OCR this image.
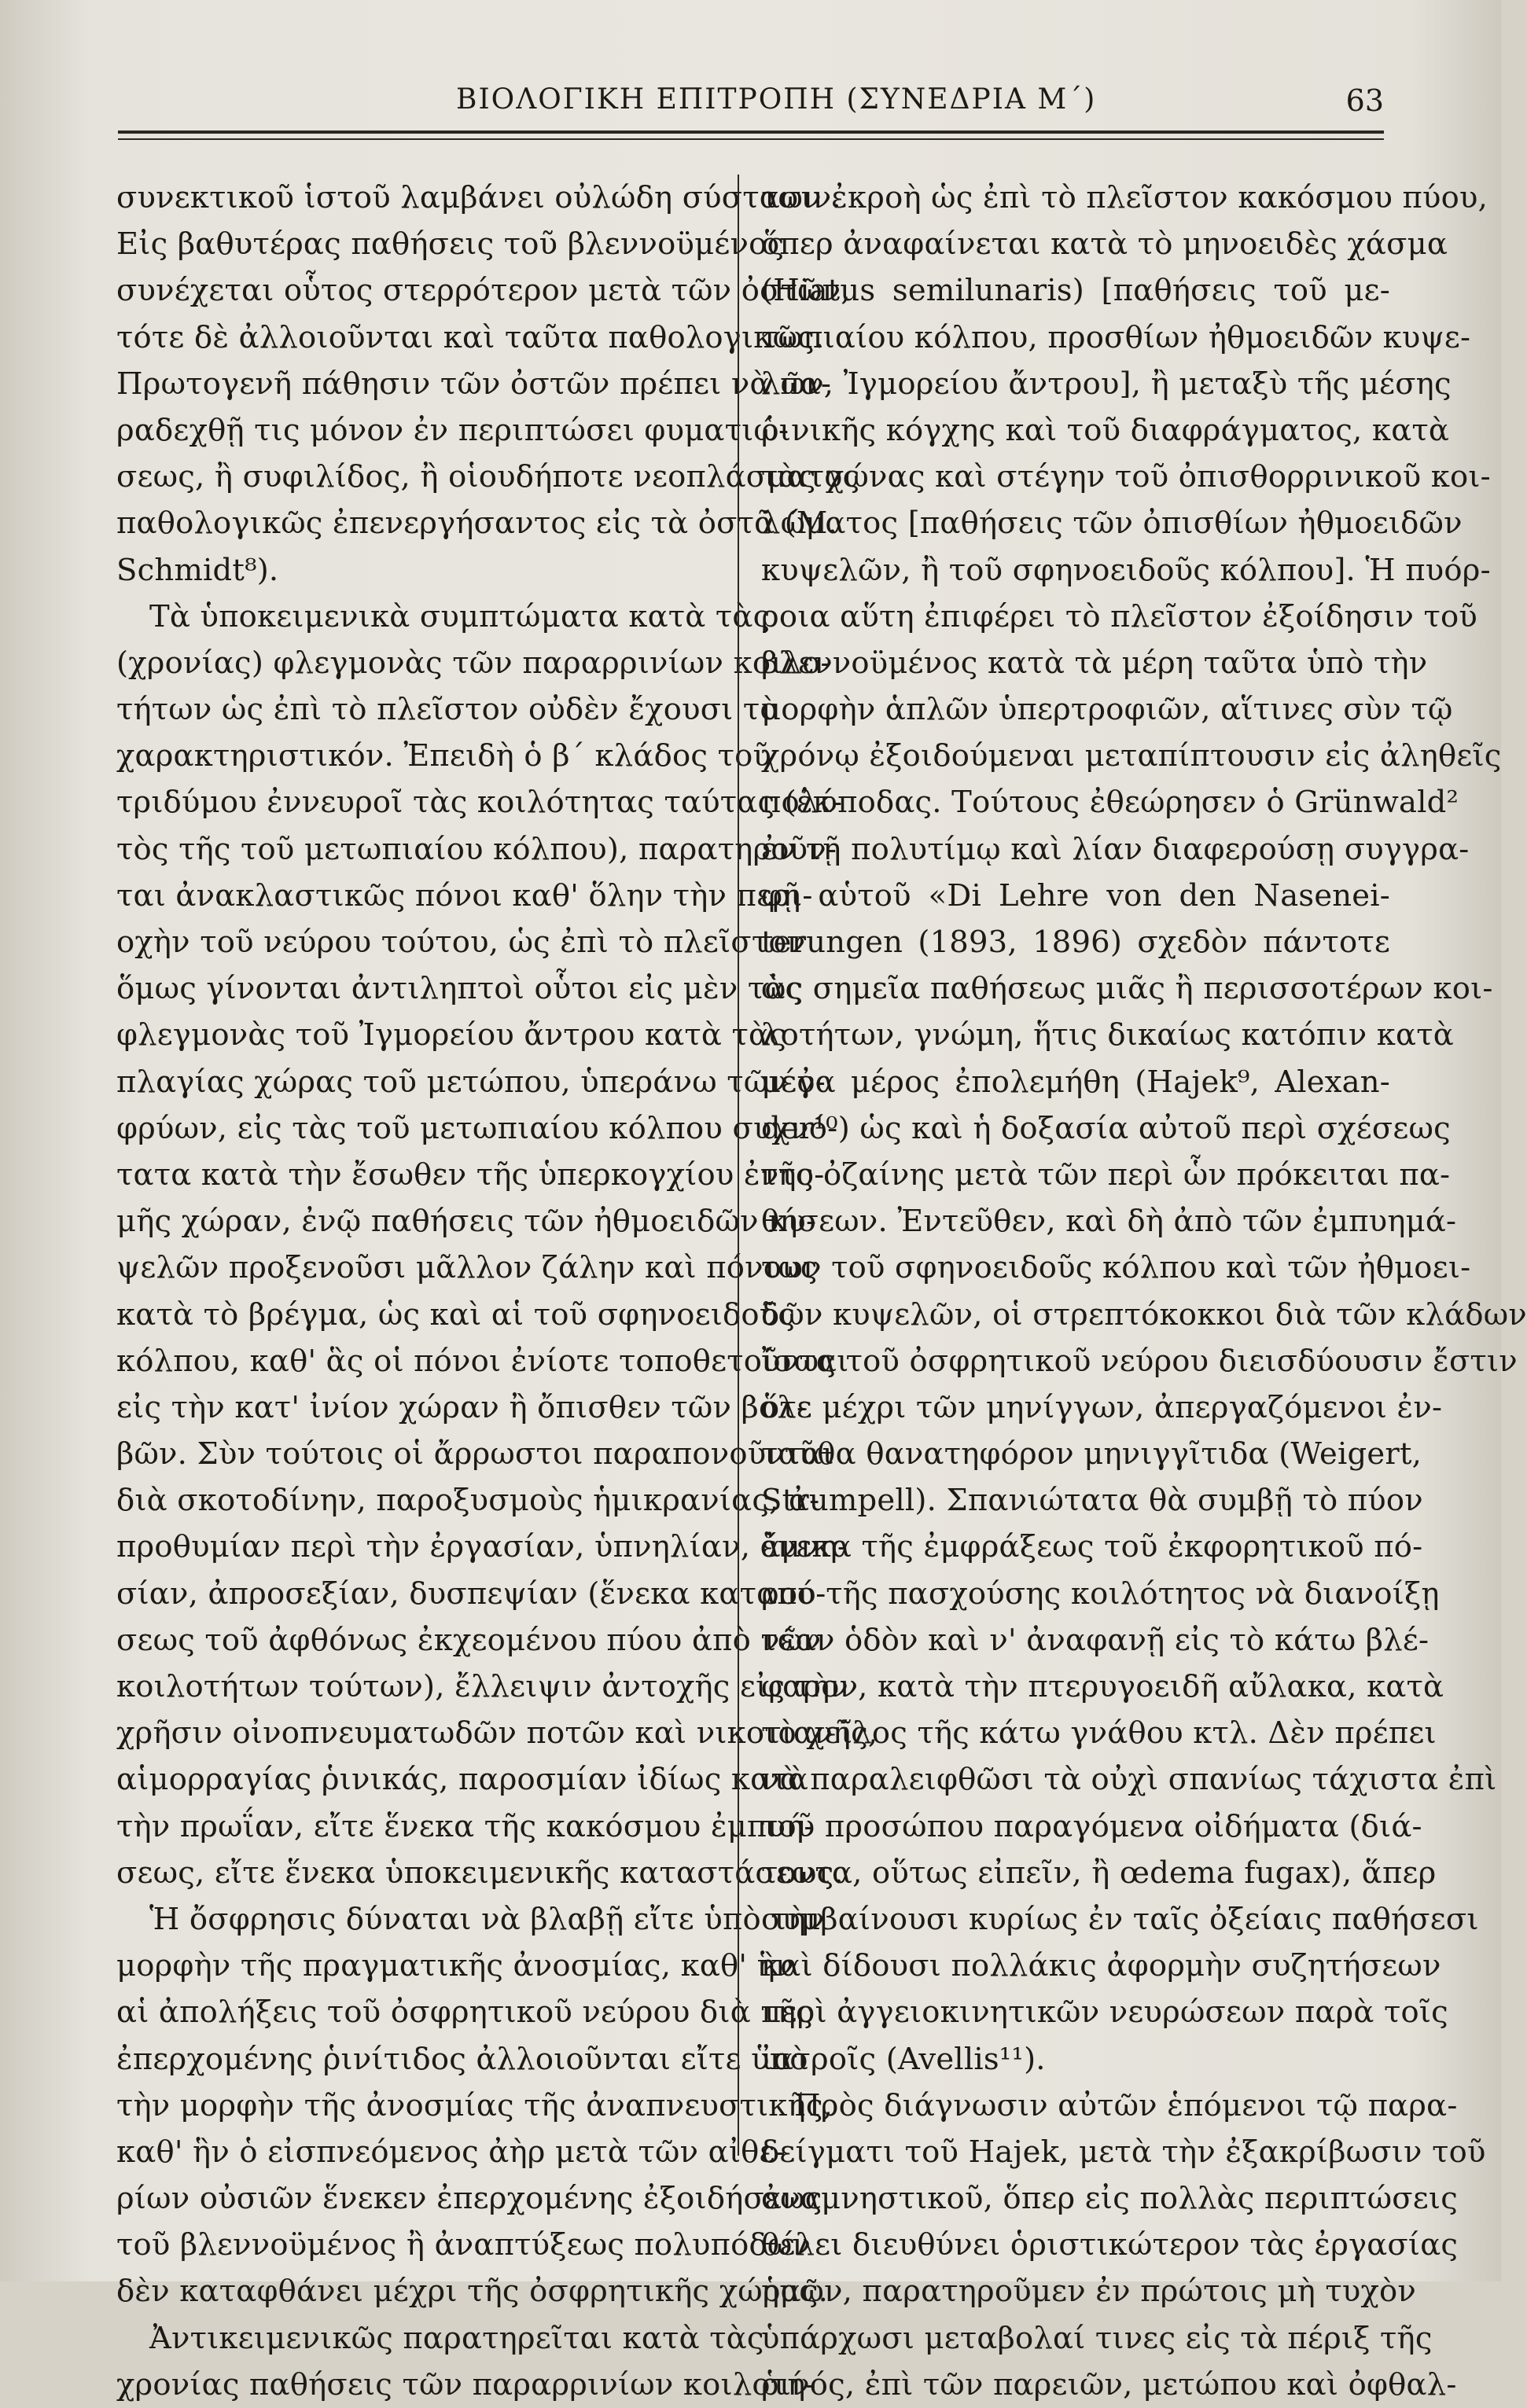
ΒΙΟΛΟΓΙΚΗ ΕΠΙΤΡΟΠΗ (ΣΥΝΕΔΡΙΑ Μ΄)	63
συνεκτικοῦ ἱστοῦ λαμβάνει οὐλώδη σύστασιν.
Εἰς βαθυτέρας παθήσεις τοῦ βλεννοϋμένος
συνέχεται οὗτος στερρότερον μετὰ τῶν ὀστῶν,
τότε δὲ ἀλλοιοῦνται καὶ ταῦτα παθολογικῶς.
Πρωτογενῆ πάθησιν τῶν ὀστῶν πρέπει νὰ πα-
ραδεχθῇ τις μόνον ἐν περιπτώσει φυματιώ-
σεως, ἢ συφιλίδος, ἢ οἱουδήποτε νεοπλάσματος
παθολογικῶς ἐπενεργήσαντος εἰς τὰ ὀστᾶ (M.
Schmidt⁸).
Τὰ ὑποκειμενικὰ συμπτώματα κατὰ τὰς
(χρονίας) φλεγμονὰς τῶν παραρρινίων κοιλο-
τήτων ὡς ἐπὶ τὸ πλεῖστον οὐδὲν ἔχουσι τὸ
χαρακτηριστικόν. Ἐπειδὴ ὁ β΄ κλάδος τοῦ
τριδύμου ἐννευροῖ τὰς κοιλότητας ταύτας (ἐκ-
τὸς τῆς τοῦ μετωπιαίου κόλπου), παρατηροῦν-
ται ἀνακλαστικῶς πόνοι καθ' ὅλην τὴν περι-
οχὴν τοῦ νεύρου τούτου, ὡς ἐπὶ τὸ πλεῖστον
ὅμως γίνονται ἀντιληπτοὶ οὗτοι εἰς μὲν τὰς
φλεγμονὰς τοῦ Ἰγμορείου ἄντρου κατὰ τὰς
πλαγίας χώρας τοῦ μετώπου, ὑπεράνω τῶν ὀ-
φρύων, εἰς τὰς τοῦ μετωπιαίου κόλπου συχνό-
τατα κατὰ τὴν ἔσωθεν τῆς ὑπερκογχίου ἐντο-
μῆς χώραν, ἐνῷ παθήσεις τῶν ἠθμοειδῶν κυ-
ψελῶν προξενοῦσι μᾶλλον ζάλην καὶ πόνους
κατὰ τὸ βρέγμα, ὡς καὶ αἱ τοῦ σφηνοειδοῦς
κόλπου, καθ' ἃς οἱ πόνοι ἐνίοτε τοποθετοῦνται
εἰς τὴν κατ' ἰνίον χώραν ἢ ὄπισθεν τῶν βολ-
βῶν. Σὺν τούτοις οἱ ἄρρωστοι παραπονοῦνται
διὰ σκοτοδίνην, παροξυσμοὺς ἡμικρανίας, ἀ-
προθυμίαν περὶ τὴν ἐργασίαν, ὑπνηλίαν, ἀμνη-
σίαν, ἀπροσεξίαν, δυσπεψίαν (ἕνεκα καταπό-
σεως τοῦ ἀφθόνως ἐκχεομένου πύου ἀπὸ τῶν
κοιλοτήτων τούτων), ἔλλειψιν ἀντοχῆς εἰς τὴν
χρῆσιν οἰνοπνευματωδῶν ποτῶν καὶ νικοτιανῆς,
αἱμορραγίας ῥινικάς, παροσμίαν ἰδίως κατὰ
τὴν πρωΐαν, εἴτε ἕνεκα τῆς κακόσμου ἐμπυή-
σεως, εἴτε ἕνεκα ὑποκειμενικῆς καταστάσεως.
Ἡ ὄσφρησις δύναται νὰ βλαβῇ εἴτε ὑπὸ τὴν
μορφὴν τῆς πραγματικῆς ἀνοσμίας, καθ' ἣν
αἱ ἀπολήξεις τοῦ ὀσφρητικοῦ νεύρου διὰ τῆς
ἐπερχομένης ῥινίτιδος ἀλλοιοῦνται εἴτε ὑπὸ
τὴν μορφὴν τῆς ἀνοσμίας τῆς ἀναπνευστικῆς,
καθ' ἣν ὁ εἰσπνεόμενος ἀὴρ μετὰ τῶν αἰθε-
ρίων οὐσιῶν ἕνεκεν ἐπερχομένης ἐξοιδήσεως
τοῦ βλεννοϋμένος ἢ ἀναπτύξεως πολυπόδων
δὲν καταφθάνει μέχρι τῆς ὀσφρητικῆς χώρας.
Ἀντικειμενικῶς παρατηρεῖται κατὰ τὰς
χρονίας παθήσεις τῶν παραρρινίων κοιλοτή-
των ἐκροὴ ὡς ἐπὶ τὸ πλεῖστον κακόσμου πύου,
ὅπερ ἀναφαίνεται κατὰ τὸ μηνοειδὲς χάσμα
(Hiatus semilunaris) [παθήσεις τοῦ με-
τωπιαίου κόλπου, προσθίων ἠθμοειδῶν κυψε-
λῶν, Ἰγμορείου ἄντρου], ἢ μεταξὺ τῆς μέσης
ῥινικῆς κόγχης καὶ τοῦ διαφράγματος, κατὰ
τὰς χώνας καὶ στέγην τοῦ ὀπισθορρινικοῦ κοι-
λώματος [παθήσεις τῶν ὀπισθίων ἠθμοειδῶν
κυψελῶν, ἢ τοῦ σφηνοειδοῦς κόλπου]. Ἡ πυόρ-
ροια αὕτη ἐπιφέρει τὸ πλεῖστον ἐξοίδησιν τοῦ
βλεννοϋμένος κατὰ τὰ μέρη ταῦτα ὑπὸ τὴν
μορφὴν ἁπλῶν ὑπερτροφιῶν, αἵτινες σὺν τῷ
χρόνῳ ἐξοιδούμεναι μεταπίπτουσιν εἰς ἀληθεῖς
πολύποδας. Τούτους ἐθεώρησεν ὁ Grünwald²
ἐν τῇ πολυτίμῳ καὶ λίαν διαφερούσῃ συγγρα-
φῇ αὑτοῦ «Di Lehre von den Naseneі-
terungen (1893, 1896) σχεδὸν πάντοτε
ὡς σημεῖα παθήσεως μιᾶς ἢ περισσοτέρων κοι-
λοτήτων, γνώμη, ἥτις δικαίως κατόπιν κατὰ
μέγα μέρος ἐπολεμήθη (Hajek⁹, Alexan-
der¹⁰) ὡς καὶ ἡ δοξασία αὐτοῦ περὶ σχέσεως
τῆς ὀζαίνης μετὰ τῶν περὶ ὧν πρόκειται πα-
θήσεων. Ἐντεῦθεν, καὶ δὴ ἀπὸ τῶν ἐμπυημά-
των τοῦ σφηνοειδοῦς κόλπου καὶ τῶν ἠθμοει-
δῶν κυψελῶν, οἱ στρεπτόκοκκοι διὰ τῶν κλάδων
ἴσως τοῦ ὀσφρητικοῦ νεύρου διεισδύουσιν ἔστιν
ὅτε μέχρι τῶν μηνίγγων, ἀπεργαζόμενοι ἐν-
ταῦθα θανατηφόρον μηνιγγῖτιδα (Weigert,
Strumpell). Σπανιώτατα θὰ συμβῇ τὸ πύον
ἕνεκα τῆς ἐμφράξεως τοῦ ἐκφορητικοῦ πό-
ρου τῆς πασχούσης κοιλότητος νὰ διανοίξῃ
νέαν ὁδὸν καὶ ν' ἀναφανῇ εἰς τὸ κάτω βλέ-
φαρον, κατὰ τὴν πτερυγοειδῆ αὔλακα, κατὰ
τὸ χεῖλος τῆς κάτω γνάθου κτλ. Δὲν πρέπει
νὰ παραλειφθῶσι τὰ οὐχὶ σπανίως τάχιστα ἐπὶ
τοῦ προσώπου παραγόμενα οἰδήματα (διά-
τοντα, οὕτως εἰπεῖν, ἢ œdema fugax), ἅπερ
συμβαίνουσι κυρίως ἐν ταῖς ὀξείαις παθήσεσι
καὶ δίδουσι πολλάκις ἀφορμὴν συζητήσεων
περὶ ἀγγειοκινητικῶν νευρώσεων παρὰ τοῖς
ἰατροῖς (Avellis¹¹).
Πρὸς διάγνωσιν αὐτῶν ἑπόμενοι τῷ παρα-
δείγματι τοῦ Hajek, μετὰ τὴν ἐξακρίβωσιν τοῦ
ἀναμνηστικοῦ, ὅπερ εἰς πολλὰς περιπτώσεις
θέλει διευθύνει ὁριστικώτερον τὰς ἐργασίας
ἡμῶν, παρατηροῦμεν ἐν πρώτοις μὴ τυχὸν
ὑπάρχωσι μεταβολαί τινες εἰς τὰ πέριξ τῆς
ῥινός, ἐπὶ τῶν παρειῶν, μετώπου καὶ ὀφθαλ-
